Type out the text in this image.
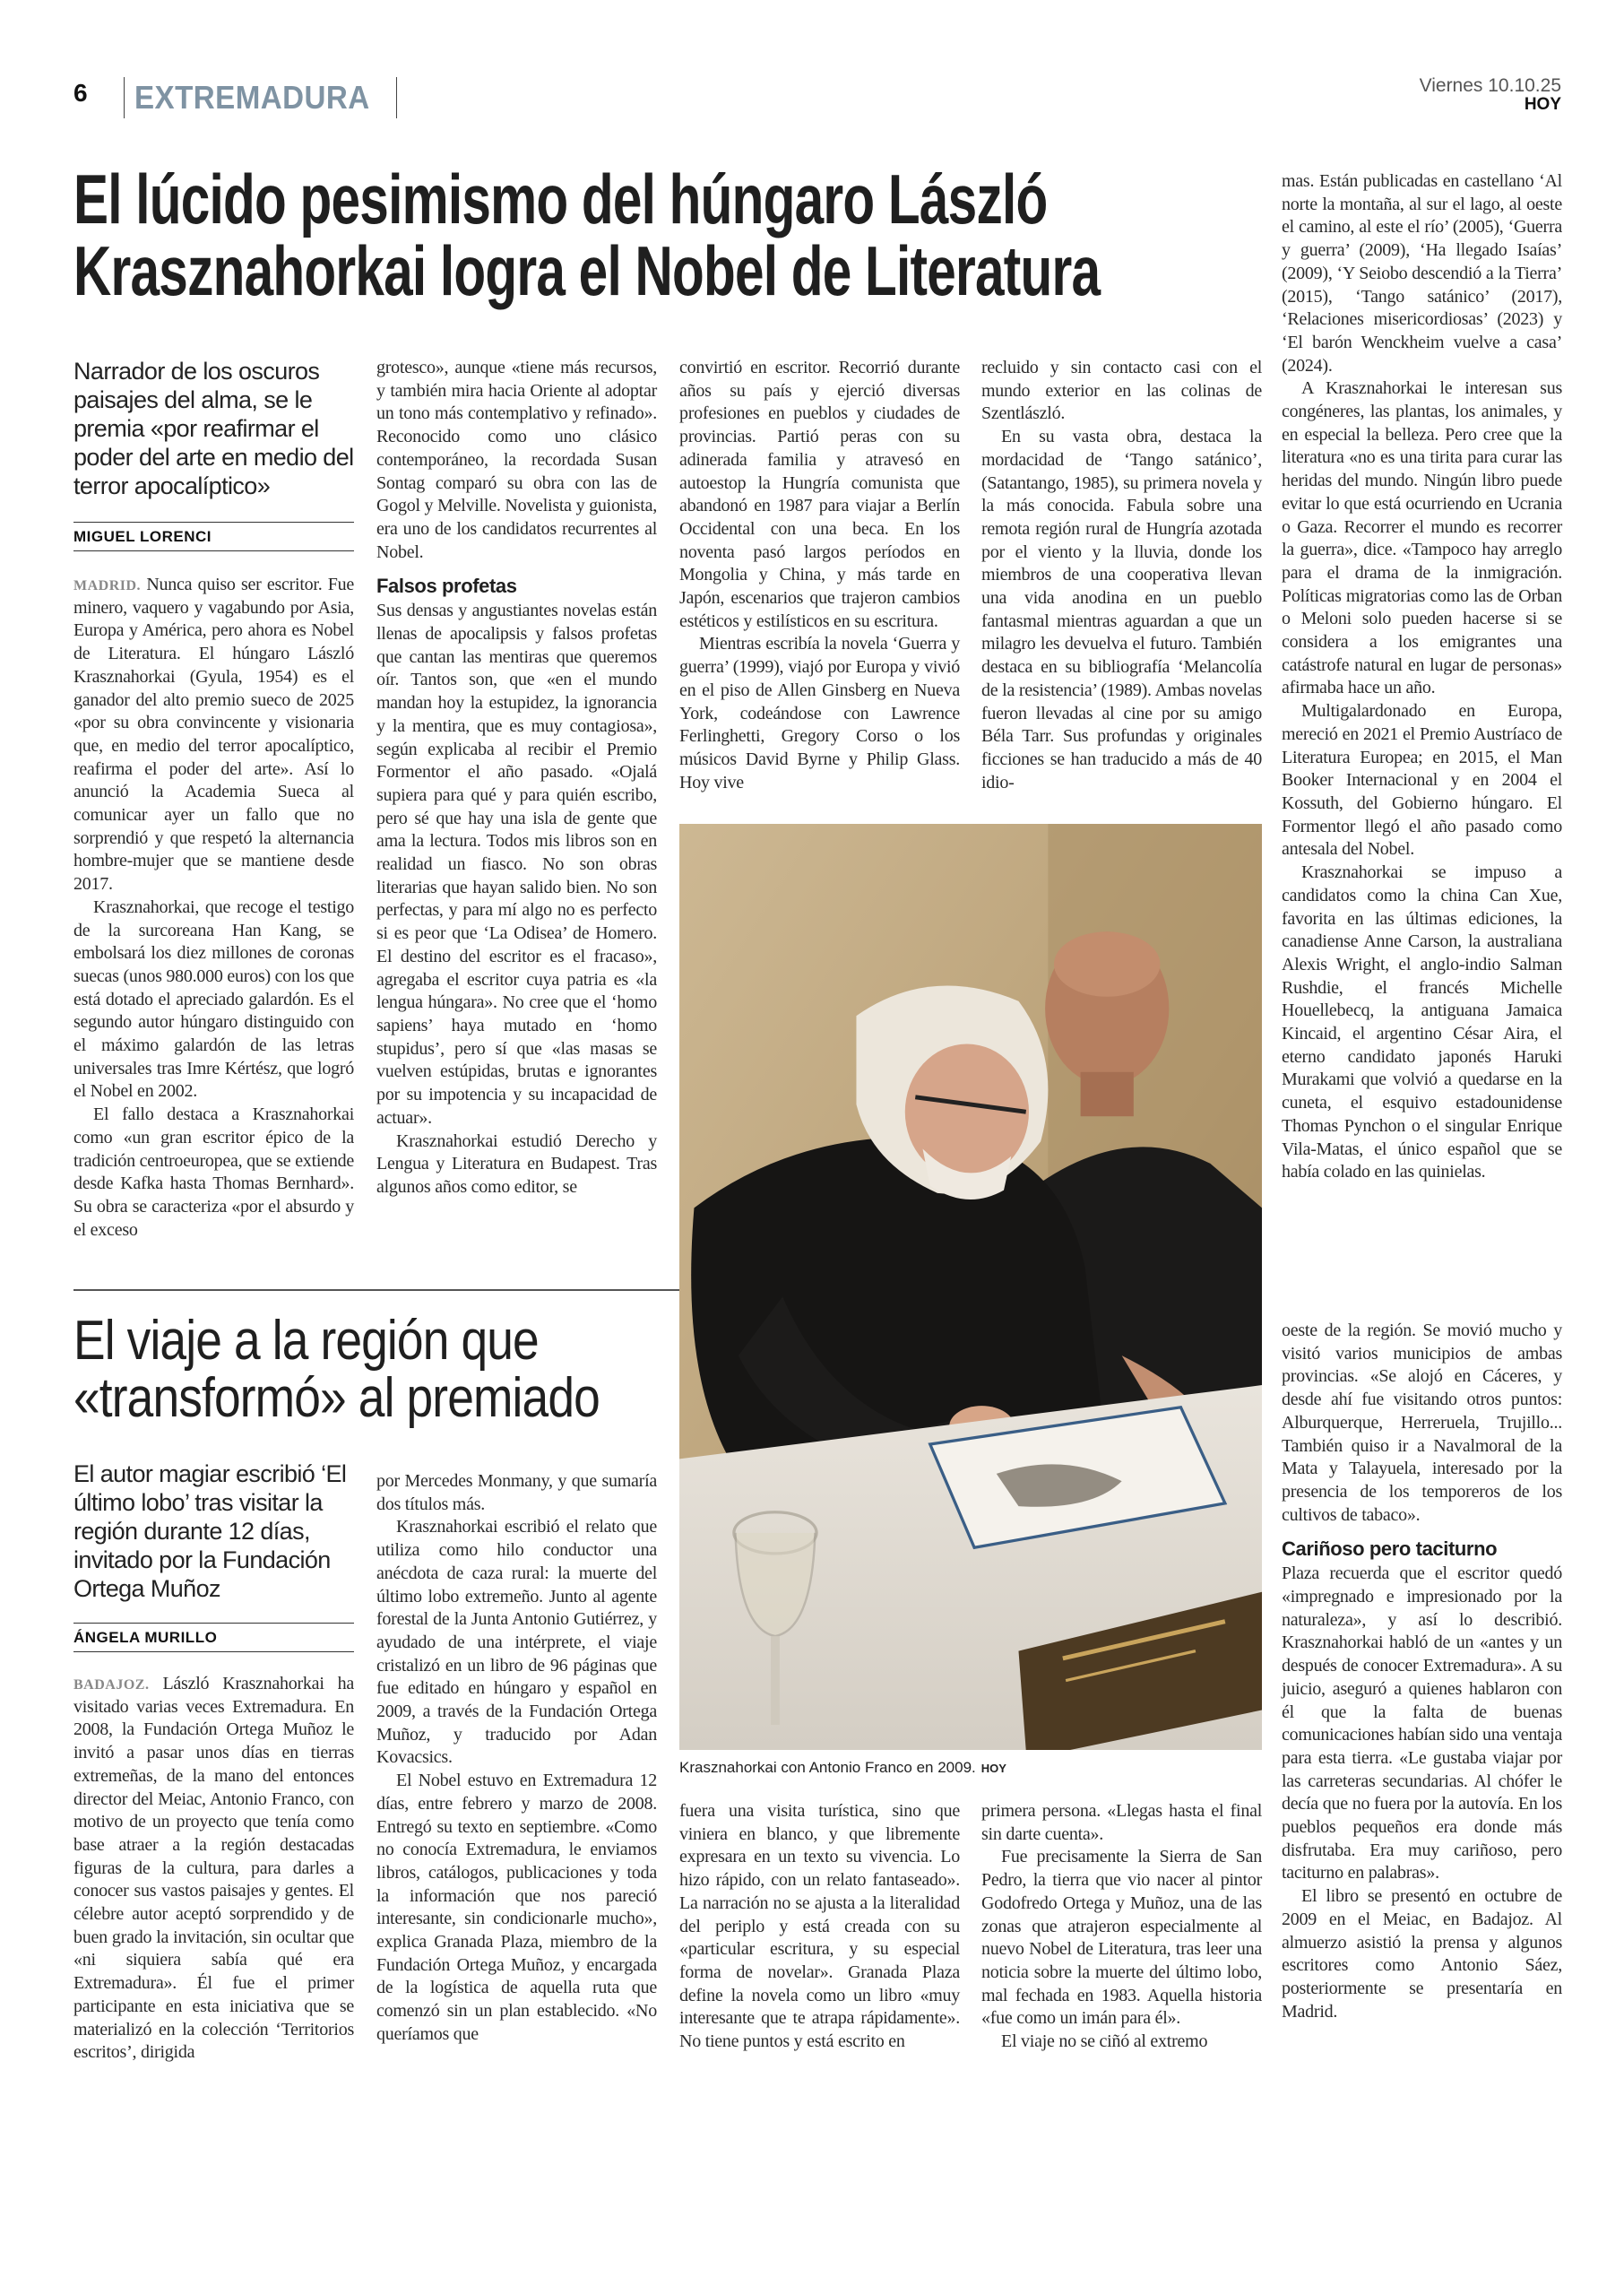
6 EXTREMADURA	Viernes 10.10.25
HOY
El lúcido pesimismo del húngaro László
Krasznahorkai logra el Nobel de Literatura
Narrador de los oscuros paisajes del alma, se le premia «por reafirmar el poder del arte en medio del terror apocalíptico»
MIGUEL LORENCI

MADRID. Nunca quiso ser escritor. Fue minero, vaquero y vagabundo por Asia, Europa y América, pero ahora es Nobel de Literatura. El húngaro László Krasznahorkai (Gyula, 1954) es el ganador del alto premio sueco de 2025 «por su obra convincente y visionaria que, en medio del terror apocalíptico, reafirma el poder del arte». Así lo anunció la Academia Sueca al comunicar ayer un fallo que no sorprendió y que respetó la alternancia hombre-mujer que se mantiene desde 2017.

Krasznahorkai, que recoge el testigo de la surcoreana Han Kang, se embolsará los diez millones de coronas suecas (unos 980.000 euros) con los que está dotado el apreciado galardón. Es el segundo autor húngaro distinguido con el máximo galardón de las letras universales tras Imre Kértész, que logró el Nobel en 2002.

El fallo destaca a Krasznahorkai como «un gran escritor épico de la tradición centroeuropea, que se extiende desde Kafka hasta Thomas Bernhard». Su obra se caracteriza «por el absurdo y el exceso

grotesco», aunque «tiene más recursos, y también mira hacia Oriente al adoptar un tono más contemplativo y refinado». Reconocido como uno clásico contemporáneo, la recordada Susan Sontag comparó su obra con las de Gogol y Melville. Novelista y guionista, era uno de los candidatos recurrentes al Nobel.

Falsos profetas

Sus densas y angustiantes novelas están llenas de apocalipsis y falsos profetas que cantan las mentiras que queremos oír. Tantos son, que «en el mundo mandan hoy la estupidez, la ignorancia y la mentira, que es muy contagiosa», según explicaba al recibir el Premio Formentor el año pasado. «Ojalá supiera para qué y para quién escribo, pero sé que hay una isla de gente que ama la lectura. Todos mis libros son en realidad un fiasco. No son obras literarias que hayan salido bien. No son perfectas, y para mí algo no es perfecto si es peor que ‘La Odisea’ de Homero. El destino del escritor es el fracaso», agregaba el escritor cuya patria es «la lengua húngara». No cree que el ‘homo sapiens’ haya mutado en ‘homo stupidus’, pero sí que «las masas se vuelven estúpidas, brutas e ignorantes por su impotencia y su incapacidad de actuar».

Krasznahorkai estudió Derecho y Lengua y Literatura en Budapest. Tras algunos años como editor, se

convirtió en escritor. Recorrió durante años su país y ejerció diversas profesiones en pueblos y ciudades de provincias. Partió peras con su adinerada familia y atravesó en autoestop la Hungría comunista que abandonó en 1987 para viajar a Berlín Occidental con una beca. En los noventa pasó largos períodos en Mongolia y China, y más tarde en Japón, escenarios que trajeron cambios estéticos y estilísticos en su escritura.

Mientras escribía la novela ‘Guerra y guerra’ (1999), viajó por Europa y vivió en el piso de Allen Ginsberg en Nueva York, codeándose con Lawrence Ferlinghetti, Gregory Corso o los músicos David Byrne y Philip Glass. Hoy vive

recluido y sin contacto casi con el mundo exterior en las colinas de Szentlászló.

En su vasta obra, destaca la mordacidad de ‘Tango satánico’, (Satantango, 1985), su primera novela y la más conocida. Fabula sobre una remota región rural de Hungría azotada por el viento y la lluvia, donde los miembros de una cooperativa llevan una vida anodina en un pueblo fantasmal mientras aguardan a que un milagro les devuelva el futuro. También destaca en su bibliografía ‘Melancolía de la resistencia’ (1989). Ambas novelas fueron llevadas al cine por su amigo Béla Tarr. Sus profundas y originales ficciones se han traducido a más de 40 idio-

mas. Están publicadas en castellano ‘Al norte la montaña, al sur el lago, al oeste el camino, al este el río’ (2005), ‘Guerra y guerra’ (2009), ‘Ha llegado Isaías’ (2009), ‘Y Seiobo descendió a la Tierra’ (2015), ‘Tango satánico’ (2017), ‘Relaciones misericordiosas’ (2023) y ‘El barón Wenckheim vuelve a casa’ (2024).

A Krasznahorkai le interesan sus congéneres, las plantas, los animales, y en especial la belleza. Pero cree que la literatura «no es una tirita para curar las heridas del mundo. Ningún libro puede evitar lo que está ocurriendo en Ucrania o Gaza. Recorrer el mundo es recorrer la guerra», dice. «Tampoco hay arreglo para el drama de la inmigración. Políticas migratorias como las de Orban o Meloni solo pueden hacerse si se considera a los emigrantes una catástrofe natural en lugar de personas» afirmaba hace un año.

Multigalardonado en Europa, mereció en 2021 el Premio Austríaco de Literatura Europea; en 2015, el Man Booker Internacional y en 2004 el Kossuth, del Gobierno húngaro. El Formentor llegó el año pasado como antesala del Nobel.

Krasznahorkai se impuso a candidatos como la china Can Xue, favorita en las últimas ediciones, la canadiense Anne Carson, la australiana Alexis Wright, el anglo-indio Salman Rushdie, el francés Michelle Houellebecq, la antiguana Jamaica Kincaid, el argentino César Aira, el eterno candidato japonés Haruki Murakami que volvió a quedarse en la cuneta, el esquivo estadounidense Thomas Pynchon o el singular Enrique Vila-Matas, el único español que se había colado en las quinielas.

Krasznahorkai con Antonio Franco en 2009. HOY
El viaje a la región que
«transformó» al premiado
El autor magiar escribió ‘El último lobo’ tras visitar la región durante 12 días, invitado por la Fundación Ortega Muñoz
ÁNGELA MURILLO

BADAJOZ. László Krasznahorkai ha visitado varias veces Extremadura. En 2008, la Fundación Ortega Muñoz le invitó a pasar unos días en tierras extremeñas, de la mano del entonces director del Meiac, Antonio Franco, con motivo de un proyecto que tenía como base atraer a la región destacadas figuras de la cultura, para darles a conocer sus vastos paisajes y gentes. El célebre autor aceptó sorprendido y de buen grado la invitación, sin ocultar que «ni siquiera sabía qué era Extremadura». Él fue el primer participante en esta iniciativa que se materializó en la colección ‘Territorios escritos’, dirigida

por Mercedes Monmany, y que sumaría dos títulos más.

Krasznahorkai escribió el relato que utiliza como hilo conductor una anécdota de caza rural: la muerte del último lobo extremeño. Junto al agente forestal de la Junta Antonio Gutiérrez, y ayudado de una intérprete, el viaje cristalizó en un libro de 96 páginas que fue editado en húngaro y español en 2009, a través de la Fundación Ortega Muñoz, y traducido por Adan Kovacsics.

El Nobel estuvo en Extremadura 12 días, entre febrero y marzo de 2008. Entregó su texto en septiembre. «Como no conocía Extremadura, le enviamos libros, catálogos, publicaciones y toda la información que nos pareció interesante, sin condicionarle mucho», explica Granada Plaza, miembro de la Fundación Ortega Muñoz, y encargada de la logística de aquella ruta que comenzó sin un plan establecido. «No queríamos que

fuera una visita turística, sino que viniera en blanco, y que libremente expresara en un texto su vivencia. Lo hizo rápido, con un relato fantaseado». La narración no se ajusta a la literalidad del periplo y está creada con su «particular escritura, y su especial forma de novelar». Granada Plaza define la novela como un libro «muy interesante que te atrapa rápidamente». No tiene puntos y está escrito en

primera persona. «Llegas hasta el final sin darte cuenta».

Fue precisamente la Sierra de San Pedro, la tierra que vio nacer al pintor Godofredo Ortega y Muñoz, una de las zonas que atrajeron especialmente al nuevo Nobel de Literatura, tras leer una noticia sobre la muerte del último lobo, mal fechada en 1983. Aquella historia «fue como un imán para él».

El viaje no se ciñó al extremo

oeste de la región. Se movió mucho y visitó varios municipios de ambas provincias. «Se alojó en Cáceres, y desde ahí fue visitando otros puntos: Alburquerque, Herreruela, Trujillo... También quiso ir a Navalmoral de la Mata y Talayuela, interesado por la presencia de los temporeros de los cultivos de tabaco».

Cariñoso pero taciturno

Plaza recuerda que el escritor quedó «impregnado e impresionado por la naturaleza», y así lo describió. Krasznahorkai habló de un «antes y un después de conocer Extremadura». A su juicio, aseguró a quienes hablaron con él que la falta de buenas comunicaciones habían sido una ventaja para esta tierra. «Le gustaba viajar por las carreteras secundarias. Al chófer le decía que no fuera por la autovía. En los pueblos pequeños era donde más disfrutaba. Era muy cariñoso, pero taciturno en palabras».

El libro se presentó en octubre de 2009 en el Meiac, en Badajoz. Al almuerzo asistió la prensa y algunos escritores como Antonio Sáez, posteriormente se presentaría en Madrid.
